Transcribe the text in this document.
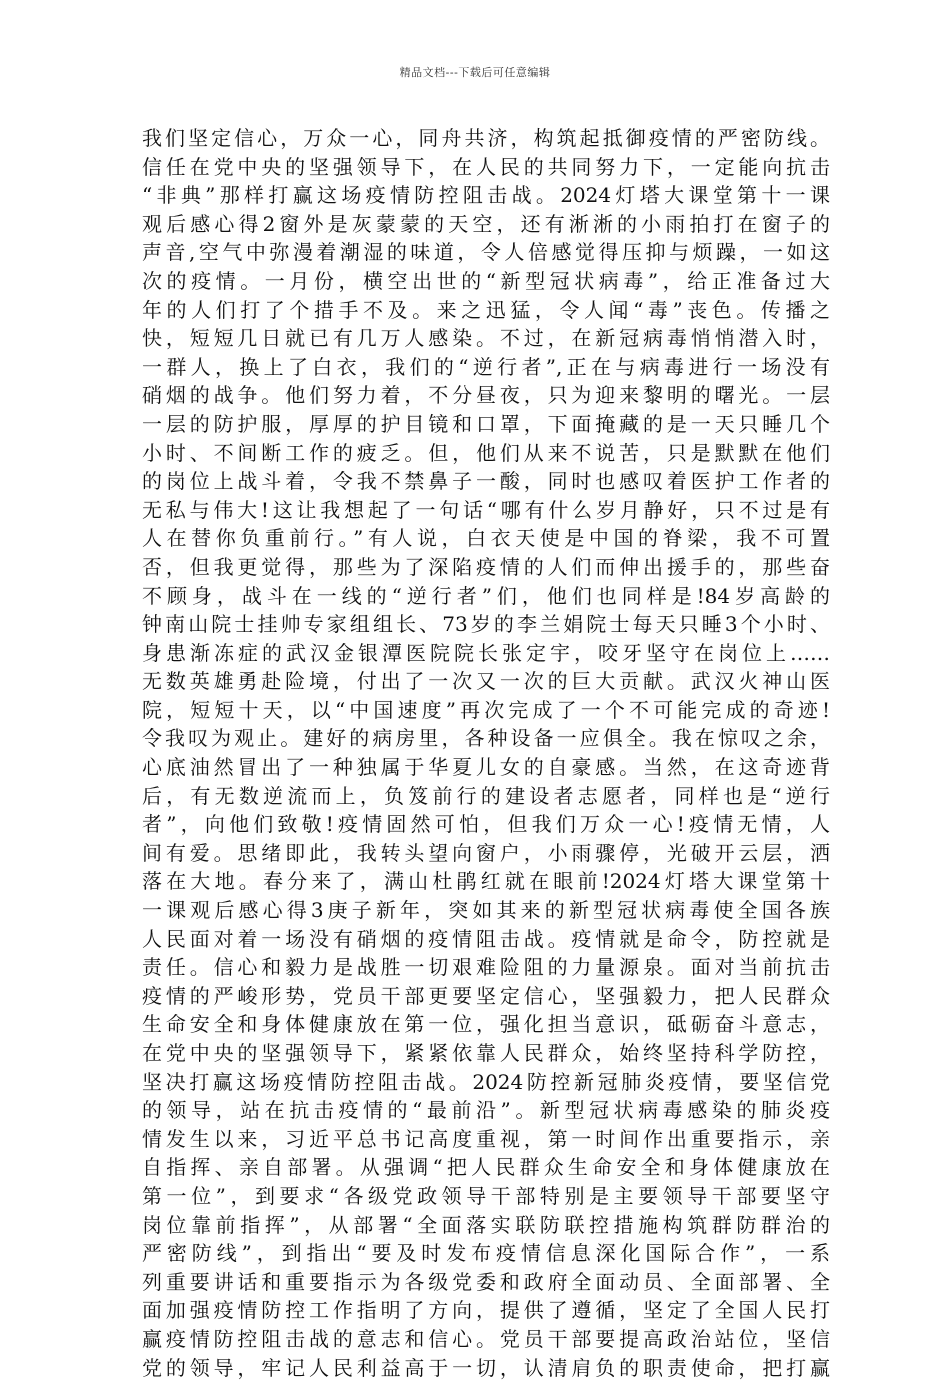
精品文档---下载后可任意编辑
我们坚定信心，万众一心，同舟共济，构筑起抵御疫情的严密防线。
信任在党中央的坚强领导下，在人民的共同努力下，一定能向抗击
“非典”那样打赢这场疫情防控阻击战。2024灯塔大课堂第十一课
观后感心得2窗外是灰蒙蒙的天空，还有淅淅的小雨拍打在窗子的
声音,空气中弥漫着潮湿的味道，令人倍感觉得压抑与烦躁，一如这
次的疫情。一月份，横空出世的“新型冠状病毒”，给正准备过大
年的人们打了个措手不及。来之迅猛，令人闻“毒”丧色。传播之
快，短短几日就已有几万人感染。不过，在新冠病毒悄悄潜入时，
一群人，换上了白衣，我们的“逆行者”,正在与病毒进行一场没有
硝烟的战争。他们努力着，不分昼夜，只为迎来黎明的曙光。一层
一层的防护服，厚厚的护目镜和口罩，下面掩藏的是一天只睡几个
小时、不间断工作的疲乏。但，他们从来不说苦，只是默默在他们
的岗位上战斗着，令我不禁鼻子一酸，同时也感叹着医护工作者的
无私与伟大!这让我想起了一句话“哪有什么岁月静好，只不过是有
人在替你负重前行。”有人说，白衣天使是中国的脊梁，我不可置
否，但我更觉得，那些为了深陷疫情的人们而伸出援手的，那些奋
不顾身，战斗在一线的“逆行者”们，他们也同样是!84岁高龄的
钟南山院士挂帅专家组组长、73岁的李兰娟院士每天只睡3个小时、
身患渐冻症的武汉金银潭医院院长张定宇，咬牙坚守在岗位上……
无数英雄勇赴险境，付出了一次又一次的巨大贡献。武汉火神山医
院，短短十天，以“中国速度”再次完成了一个不可能完成的奇迹!
令我叹为观止。建好的病房里，各种设备一应俱全。我在惊叹之余，
心底油然冒出了一种独属于华夏儿女的自豪感。当然，在这奇迹背
后，有无数逆流而上，负笈前行的建设者志愿者，同样也是“逆行
者”，向他们致敬!疫情固然可怕，但我们万众一心!疫情无情，人
间有爱。思绪即此，我转头望向窗户，小雨骤停，光破开云层，洒
落在大地。春分来了，满山杜鹃红就在眼前!2024灯塔大课堂第十
一课观后感心得3庚子新年，突如其来的新型冠状病毒使全国各族
人民面对着一场没有硝烟的疫情阻击战。疫情就是命令，防控就是
责任。信心和毅力是战胜一切艰难险阻的力量源泉。面对当前抗击
疫情的严峻形势，党员干部更要坚定信心，坚强毅力，把人民群众
生命安全和身体健康放在第一位，强化担当意识，砥砺奋斗意志，
在党中央的坚强领导下，紧紧依靠人民群众，始终坚持科学防控，
坚决打赢这场疫情防控阻击战。2024防控新冠肺炎疫情，要坚信党
的领导，站在抗击疫情的“最前沿”。新型冠状病毒感染的肺炎疫
情发生以来，习近平总书记高度重视，第一时间作出重要指示，亲
自指挥、亲自部署。从强调“把人民群众生命安全和身体健康放在
第一位”，到要求“各级党政领导干部特别是主要领导干部要坚守
岗位靠前指挥”，从部署“全面落实联防联控措施构筑群防群治的
严密防线”，到指出“要及时发布疫情信息深化国际合作”，一系
列重要讲话和重要指示为各级党委和政府全面动员、全面部署、全
面加强疫情防控工作指明了方向，提供了遵循，坚定了全国人民打
赢疫情防控阻击战的意志和信心。党员干部要提高政治站位，坚信
党的领导，牢记人民利益高于一切，认清肩负的职责使命，把打赢
